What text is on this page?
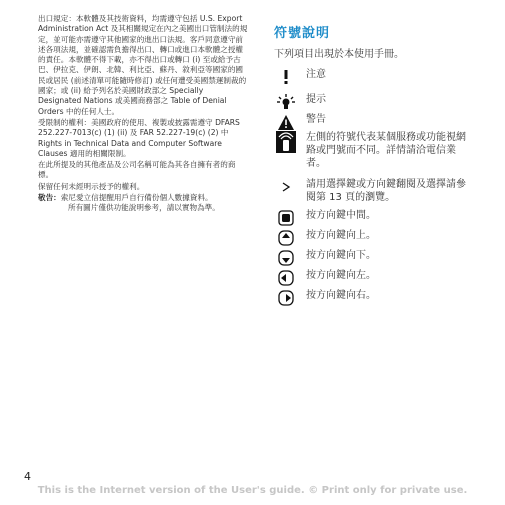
出口規定：本軟體及其技術資料，均需遵守包括 U.S. Export Administration Act 及其相關規定在內之美國出口管制法的規定，並可能亦需遵守其他國家的進出口法規。客戶同意遵守前述各項法規，並確認需負擔得出口、轉口或進口本軟體之授權的責任。本軟體不得下載，亦不得出口或轉口 (i) 至或給予古巴、伊拉克、伊朗、北韓、利比亞、蘇丹、敘利亞等國家的國民或居民 (前述清單可能隨時修訂) 或任何遭受美國禁運制裁的國家；或 (ii) 給予列名於美國財政部之 Specially Designated Nations 或美國商務部之 Table of Denial Orders 中的任何人士。

受限制的權利：美國政府的使用、複製或披露需遵守 DFARS 252.227-7013(c) (1) (ii) 及 FAR 52.227-19(c) (2) 中 Rights in Technical Data and Computer Software Clauses 適用的相關限制。

在此所提及的其他產品及公司名稱可能為其各自擁有者的商標。

保留任何未經明示授予的權利。

敬告：索尼愛立信提醒用戶自行備份個人數據資料。
所有圖片僅供功能說明參考，請以實物為準。

符號說明
下列項目出現於本使用手冊。
注意
提示
警告
左側的符號代表某個服務或功能視網路或門號而不同。詳情請洽電信業者。
請用選擇鍵或方向鍵翻閱及選擇請參閱第 13 頁的瀏覽。
按方向鍵中間。
按方向鍵向上。
按方向鍵向下。
按方向鍵向左。
按方向鍵向右。
4
This is the Internet version of the User's guide. © Print only for private use.
